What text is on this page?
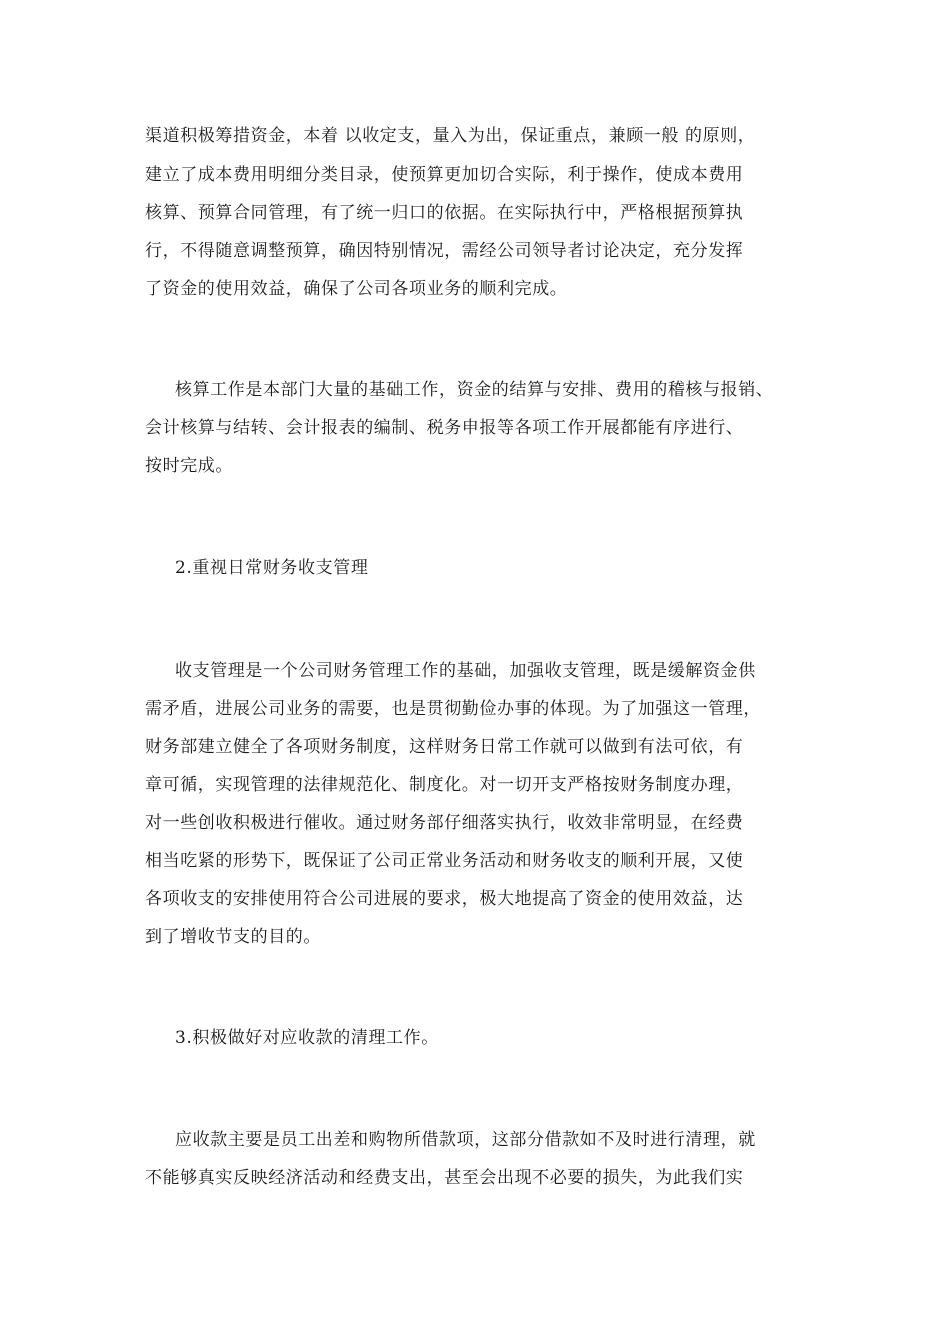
渠道积极筹措资金，本着 以收定支，量入为出，保证重点，兼顾一般 的原则，
建立了成本费用明细分类目录，使预算更加切合实际，利于操作，使成本费用
核算、预算合同管理，有了统一归口的依据。在实际执行中，严格根据预算执
行，不得随意调整预算，确因特别情况，需经公司领导者讨论决定，充分发挥
了资金的使用效益，确保了公司各项业务的顺利完成。
核算工作是本部门大量的基础工作，资金的结算与安排、费用的稽核与报销、
会计核算与结转、会计报表的编制、税务申报等各项工作开展都能有序进行、
按时完成。
2.重视日常财务收支管理
收支管理是一个公司财务管理工作的基础，加强收支管理，既是缓解资金供
需矛盾，进展公司业务的需要，也是贯彻勤俭办事的体现。为了加强这一管理，
财务部建立健全了各项财务制度，这样财务日常工作就可以做到有法可依，有
章可循，实现管理的法律规范化、制度化。对一切开支严格按财务制度办理，
对一些创收积极进行催收。通过财务部仔细落实执行，收效非常明显，在经费
相当吃紧的形势下，既保证了公司正常业务活动和财务收支的顺利开展，又使
各项收支的安排使用符合公司进展的要求，极大地提高了资金的使用效益，达
到了增收节支的目的。
3.积极做好对应收款的清理工作。
应收款主要是员工出差和购物所借款项，这部分借款如不及时进行清理，就
不能够真实反映经济活动和经费支出，甚至会出现不必要的损失，为此我们实
